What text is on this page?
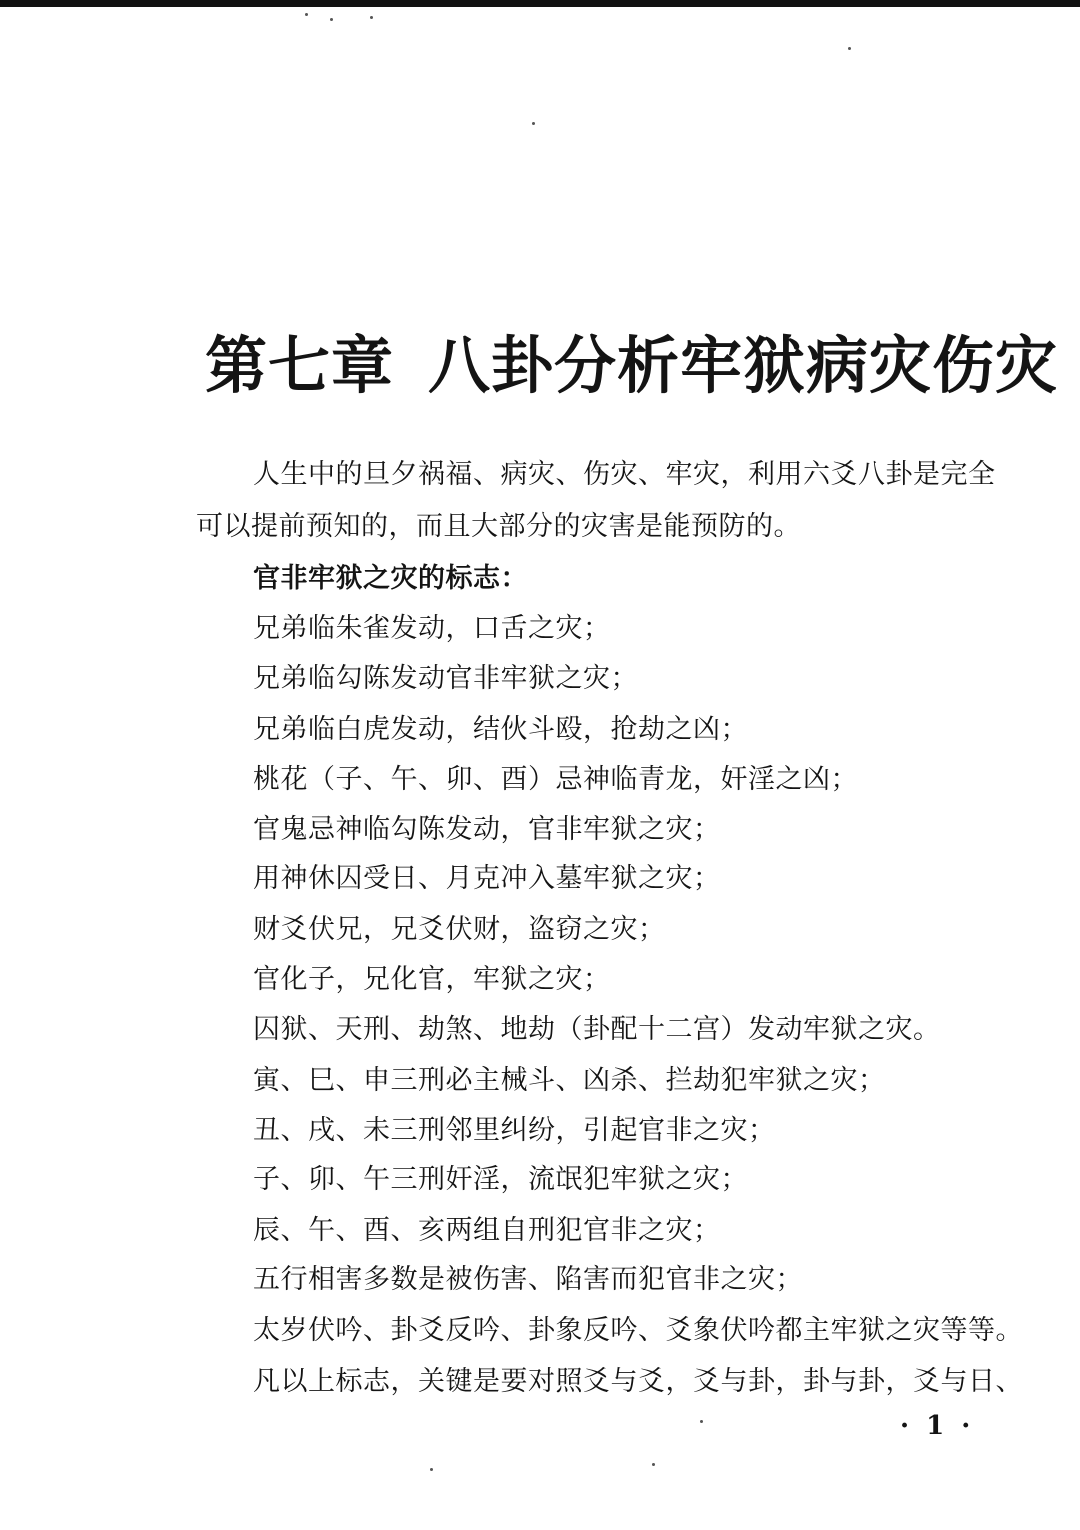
第七章 八卦分析牢狱病灾伤灾

人生中的旦夕祸福、病灾、伤灾、牢灾，利用六爻八卦是完全

可以提前预知的，而且大部分的灾害是能预防的。

官非牢狱之灾的标志：

兄弟临朱雀发动，口舌之灾；

兄弟临勾陈发动官非牢狱之灾；

兄弟临白虎发动，结伙斗殴，抢劫之凶；

桃花（子、午、卯、酉）忌神临青龙，奸淫之凶；

官鬼忌神临勾陈发动，官非牢狱之灾；

用神休囚受日、月克冲入墓牢狱之灾；

财爻伏兄，兄爻伏财，盗窃之灾；

官化子，兄化官，牢狱之灾；

囚狱、天刑、劫煞、地劫（卦配十二宫）发动牢狱之灾。

寅、巳、申三刑必主械斗、凶杀、拦劫犯牢狱之灾；

丑、戌、未三刑邻里纠纷，引起官非之灾；

子、卯、午三刑奸淫，流氓犯牢狱之灾；

辰、午、酉、亥两组自刑犯官非之灾；

五行相害多数是被伤害、陷害而犯官非之灾；

太岁伏吟、卦爻反吟、卦象反吟、爻象伏吟都主牢狱之灾等等。

凡以上标志，关键是要对照爻与爻，爻与卦，卦与卦，爻与日、

· 1 ·
